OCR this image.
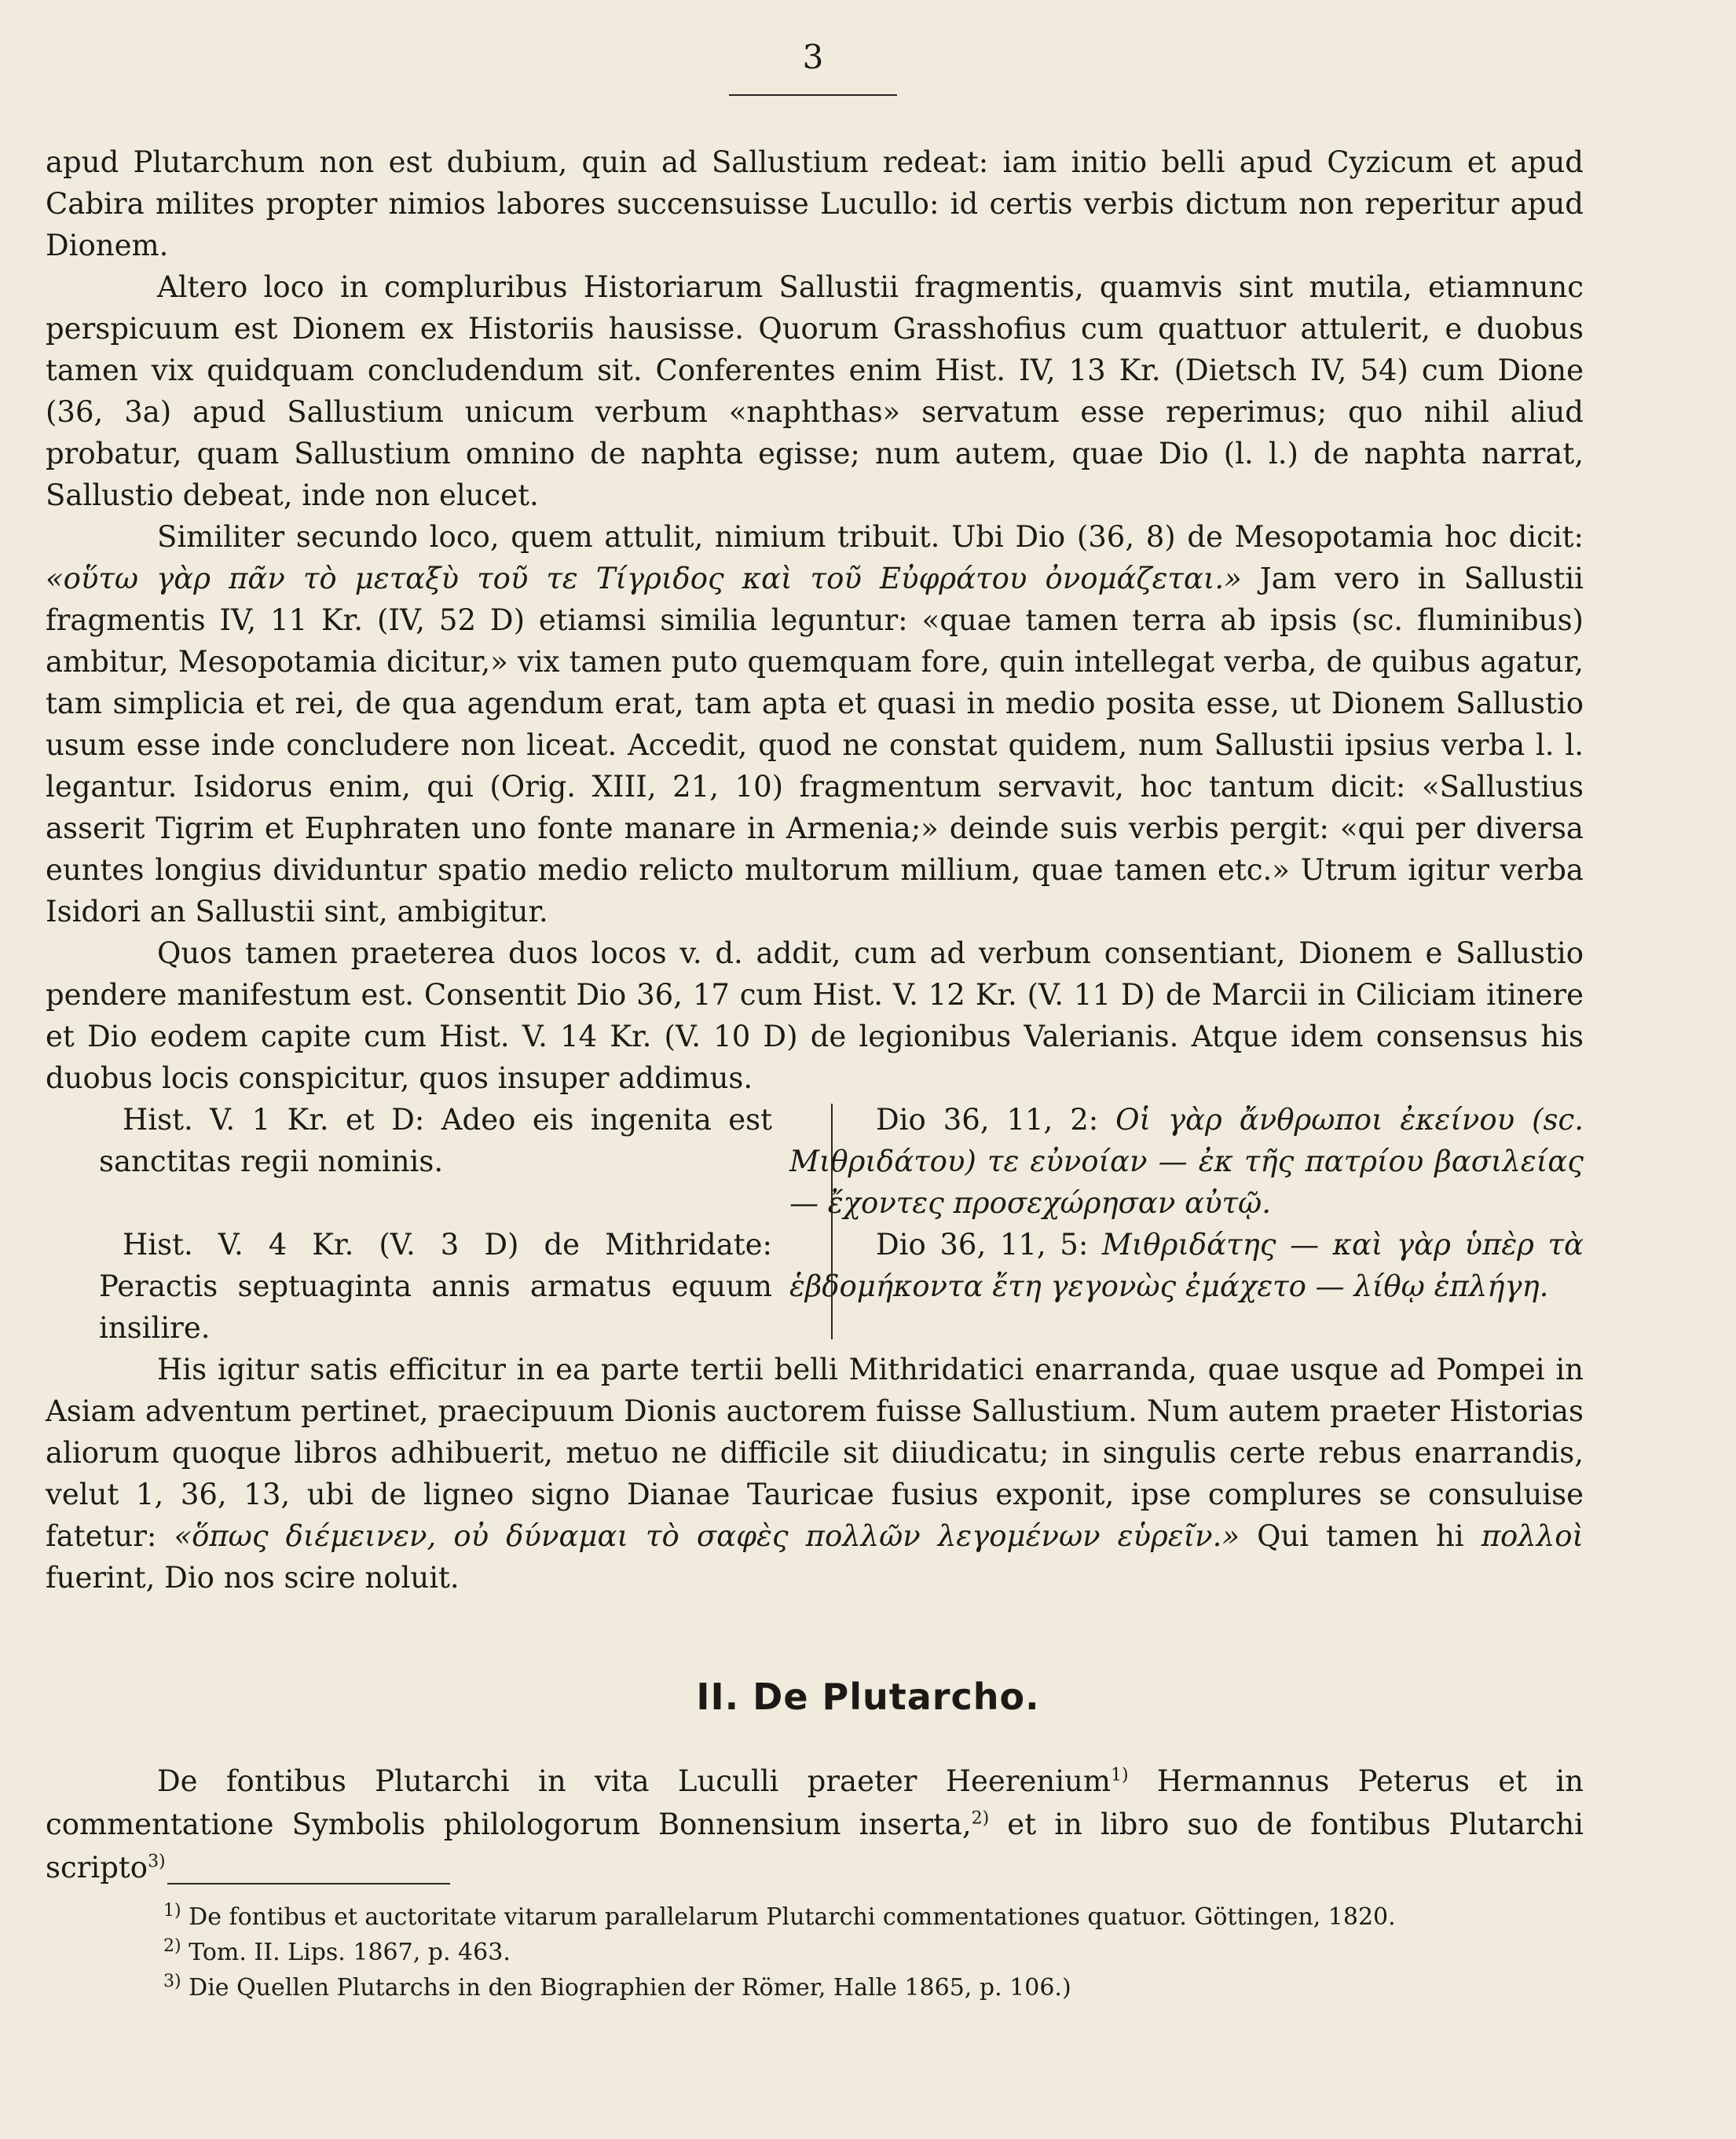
3

apud Plutarchum non est dubium, quin ad Sallustium redeat: iam initio belli apud Cyzicum et apud Cabira milites propter nimios labores succensuisse Lucullo: id certis verbis dictum non reperitur apud Dionem.

Altero loco in compluribus Historiarum Sallustii fragmentis, quamvis sint mutila, etiamnunc perspicuum est Dionem ex Historiis hausisse. Quorum Grasshofius cum quattuor attulerit, e duobus tamen vix quidquam concludendum sit. Conferentes enim Hist. IV, 13 Kr. (Dietsch IV, 54) cum Dione (36, 3a) apud Sallustium unicum verbum «naphthas» servatum esse reperimus; quo nihil aliud probatur, quam Sallustium omnino de naphta egisse; num autem, quae Dio (l. l.) de naphta narrat, Sallustio debeat, inde non elucet.

Similiter secundo loco, quem attulit, nimium tribuit. Ubi Dio (36, 8) de Mesopotamia hoc dicit: «οὕτω γὰρ πᾶν τὸ μεταξὺ τοῦ τε Τίγριδος καὶ τοῦ Εὐφράτου ὀνομάζεται.» Jam vero in Sallustii fragmentis IV, 11 Kr. (IV, 52 D) etiamsi similia leguntur: «quae tamen terra ab ipsis (sc. fluminibus) ambitur, Mesopotamia dicitur,» vix tamen puto quemquam fore, quin intellegat verba, de quibus agatur, tam simplicia et rei, de qua agendum erat, tam apta et quasi in medio posita esse, ut Dionem Sallustio usum esse inde concludere non liceat. Accedit, quod ne constat quidem, num Sallustii ipsius verba l. l. legantur. Isidorus enim, qui (Orig. XIII, 21, 10) fragmentum servavit, hoc tantum dicit: «Sallustius asserit Tigrim et Euphraten uno fonte manare in Armenia;» deinde suis verbis pergit: «qui per diversa euntes longius dividuntur spatio medio relicto multorum millium, quae tamen etc.» Utrum igitur verba Isidori an Sallustii sint, ambigitur.

Quos tamen praeterea duos locos v. d. addit, cum ad verbum consentiant, Dionem e Sallustio pendere manifestum est. Consentit Dio 36, 17 cum Hist. V. 12 Kr. (V. 11 D) de Marcii in Ciliciam itinere et Dio eodem capite cum Hist. V. 14 Kr. (V. 10 D) de legionibus Valerianis. Atque idem consensus his duobus locis conspicitur, quos insuper addimus.

Hist. V. 1 Kr. et D: Adeo eis ingenita est sanctitas regii nominis.

Hist. V. 4 Kr. (V. 3 D) de Mithridate: Peractis septuaginta annis armatus equum insilire.

Dio 36, 11, 2: Οἱ γὰρ ἄνθρωποι ἐκείνου (sc. Μιθριδάτου) τε εὐνοίαν — ἐκ τῆς πατρίου βασιλείας — ἔχοντες προσεχώρησαν αὐτῷ.

Dio 36, 11, 5: Μιθριδάτης — καὶ γὰρ ὑπὲρ τὰ ἑβδομήκοντα ἔτη γεγονὼς ἐμάχετο — λίθῳ ἐπλήγη.

His igitur satis efficitur in ea parte tertii belli Mithridatici enarranda, quae usque ad Pompei in Asiam adventum pertinet, praecipuum Dionis auctorem fuisse Sallustium. Num autem praeter Historias aliorum quoque libros adhibuerit, metuo ne difficile sit diiudicatu; in singulis certe rebus enarrandis, velut 1, 36, 13, ubi de ligneo signo Dianae Tauricae fusius exponit, ipse complures se consuluise fatetur: «ὅπως διέμεινεν, οὐ δύναμαι τὸ σαφὲς πολλῶν λεγομένων εὑρεῖν.» Qui tamen hi πολλοὶ fuerint, Dio nos scire noluit.

II. De Plutarcho.

De fontibus Plutarchi in vita Luculli praeter Heerenium$^{1)}$ Hermannus Peterus et in commentatione Symbolis philologorum Bonnensium inserta,$^{2)}$ et in libro suo de fontibus Plutarchi scripto$^{3)}$

$^{1)}$ De fontibus et auctoritate vitarum parallelarum Plutarchi commentationes quatuor. Göttingen, 1820.

$^{2)}$ Tom. II. Lips. 1867, p. 463.

$^{3)}$ Die Quellen Plutarchs in den Biographien der Römer, Halle 1865, p. 106.)
